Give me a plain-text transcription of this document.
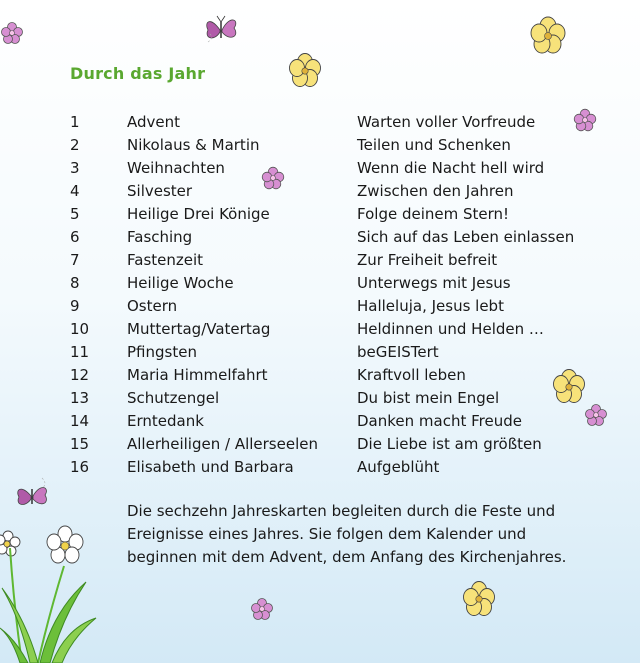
Durch das Jahr
1	Advent	Warten voller Vorfreude
2	Nikolaus & Martin	Teilen und Schenken
3	Weihnachten	Wenn die Nacht hell wird
4	Silvester	Zwischen den Jahren
5	Heilige Drei Könige	Folge deinem Stern!
6	Fasching	Sich auf das Leben einlassen
7	Fastenzeit	Zur Freiheit befreit
8	Heilige Woche	Unterwegs mit Jesus
9	Ostern	Halleluja, Jesus lebt
10	Muttertag/Vatertag	Heldinnen und Helden …
11	Pfingsten	beGEISTert
12	Maria Himmelfahrt	Kraftvoll leben
13	Schutzengel	Du bist mein Engel
14	Erntedank	Danken macht Freude
15	Allerheiligen / Allerseelen	Die Liebe ist am größten
16	Elisabeth und Barbara	Aufgeblüht

Die sechzehn Jahreskarten begleiten durch die Feste und Ereignisse eines Jahres. Sie folgen dem Kalender und beginnen mit dem Advent, dem Anfang des Kirchenjahres.
